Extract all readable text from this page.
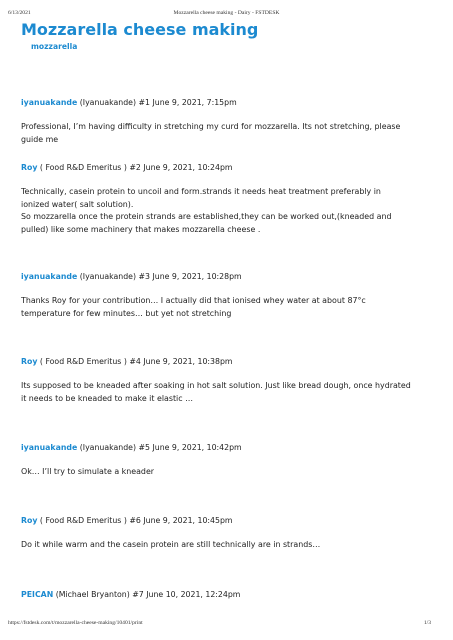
6/13/2021	Mozzarella cheese making - Dairy - FSTDESK
Mozzarella cheese making
mozzarella
iyanuakande (Iyanuakande) #1 June 9, 2021, 7:15pm

Professional, I’m having difficulty in stretching my curd for mozzarella. Its not stretching, please guide me

Roy ( Food R&D Emeritus ) #2 June 9, 2021, 10:24pm

Technically, casein protein to uncoil and form.strands it needs heat treatment preferably in ionized water( salt solution).

So mozzarella once the protein strands are established,they can be worked out,(kneaded and pulled) like some machinery that makes mozzarella cheese .

iyanuakande (Iyanuakande) #3 June 9, 2021, 10:28pm

Thanks Roy for your contribution… I actually did that ionised whey water at about 87°c temperature for few minutes… but yet not stretching

Roy ( Food R&D Emeritus ) #4 June 9, 2021, 10:38pm

Its supposed to be kneaded after soaking in hot salt solution. Just like bread dough, once hydrated it needs to be kneaded to make it elastic …

iyanuakande (Iyanuakande) #5 June 9, 2021, 10:42pm

Ok… I’ll try to simulate a kneader

Roy ( Food R&D Emeritus ) #6 June 9, 2021, 10:45pm

Do it while warm and the casein protein are still technically are in strands…

PEICAN (Michael Bryanton) #7 June 10, 2021, 12:24pm
https://fstdesk.com/t/mozzarella-cheese-making/10401/print	1/3
